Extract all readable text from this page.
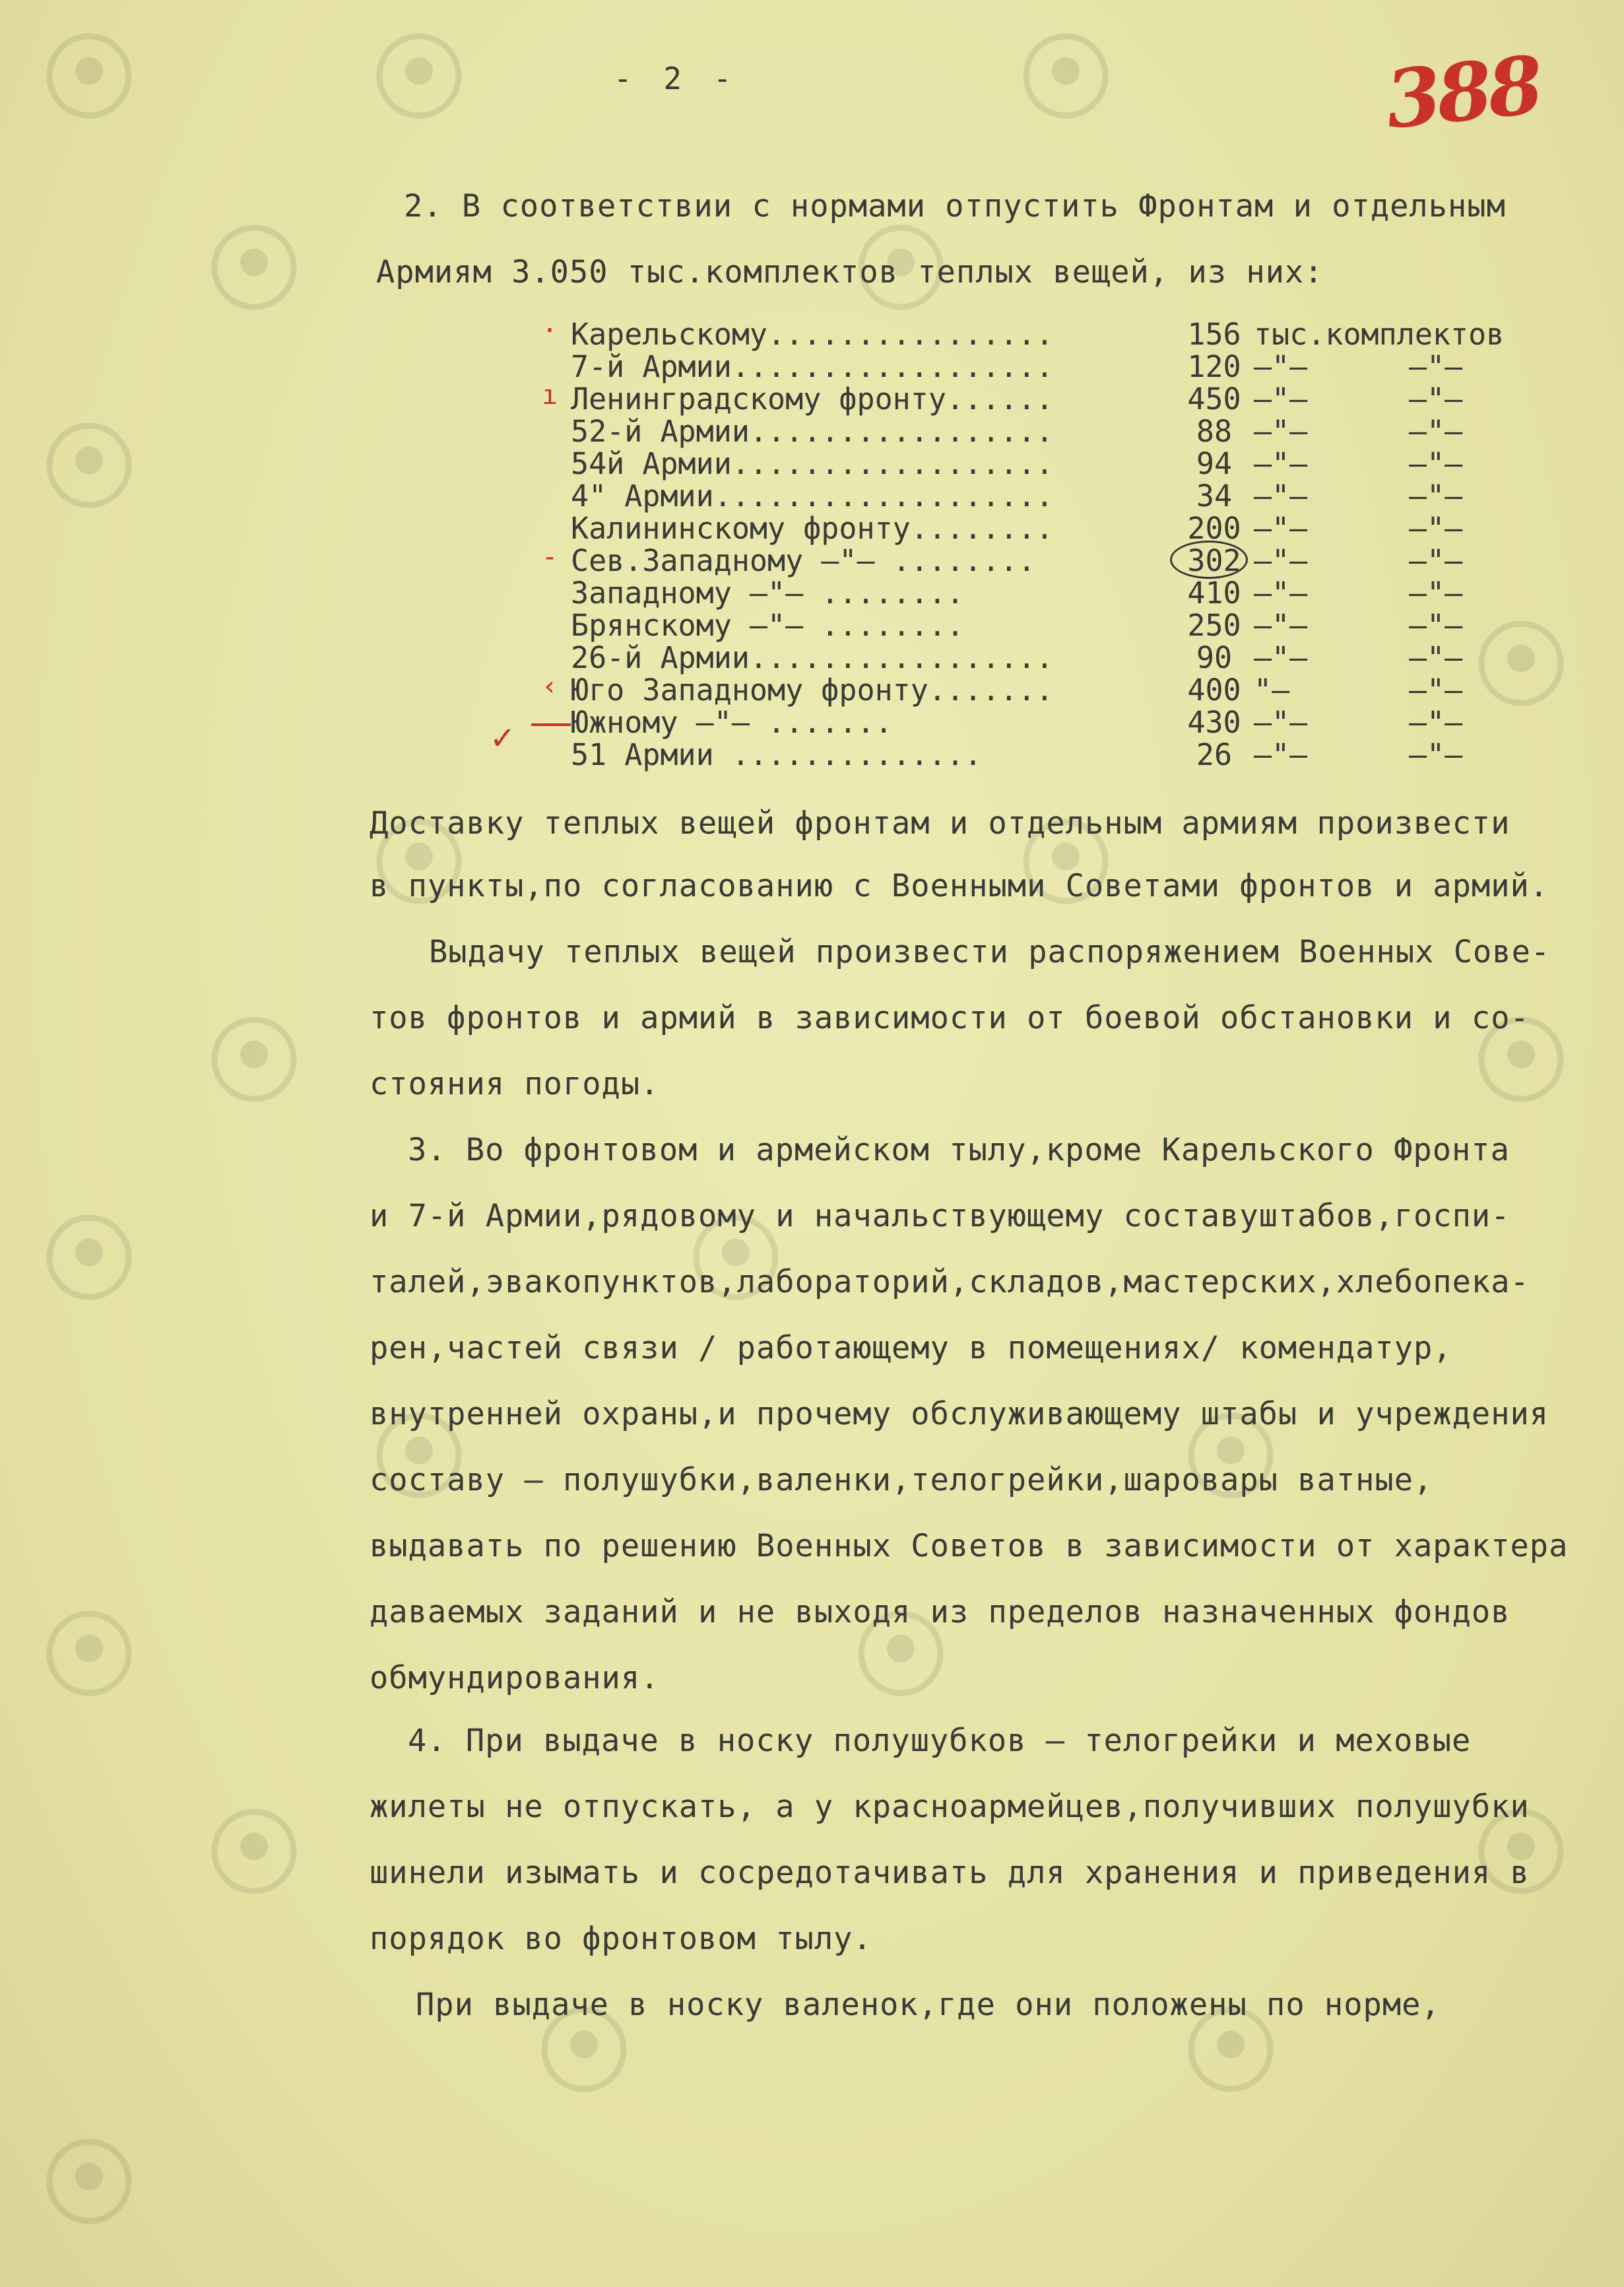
- 2 -	388
2. В соответствии с нормами отпустить Фронтам и отдельным
Армиям 3.050 тыс.комплектов теплых вещей, из них:
· Карельскому................	156 тыс.комплектов
7-й Армии..................	120 –"–	–"–
ı Ленинградскому фронту......	450 –"–	–"–
52-й Армии.................	88 –"–	–"–
54й Армии..................	94 –"–	–"–
4" Армии...................	34 –"–	–"–
Калининскому фронту........	200 –"–	–"–
- Сев.Западному –"– ........	302 –"–	–"–
Западному –"– ........	410 –"–	–"–
Брянскому –"– ........	250 –"–	–"–
26-й Армии.................	90 –"–	–"–
‹ Юго Западному фронту.......	400 "–	–"–
Южному –"– .......	430 –"–	–"–
51 Армии ..............	26 –"–	–"–
✓
Доставку теплых вещей фронтам и отдельным армиям произвести
в пункты,по согласованию с Военными Советами фронтов и армий.
Выдачу теплых вещей произвести распоряжением Военных Сове-
тов фронтов и армий в зависимости от боевой обстановки и со-
стояния погоды.
3. Во фронтовом и армейском тылу,кроме Карельского Фронта
и 7-й Армии,рядовому и начальствующему составуштабов,госпи-
талей,эвакопунктов,лабораторий,складов,мастерских,хлебопека-
рен,частей связи / работающему в помещениях/ комендатур,
внутренней охраны,и прочему обслуживающему штабы и учреждения
составу – полушубки,валенки,телогрейки,шаровары ватные,
выдавать по решению Военных Советов в зависимости от характера
даваемых заданий и не выходя из пределов назначенных фондов
обмундирования.
4. При выдаче в носку полушубков – телогрейки и меховые
жилеты не отпускать, а у красноармейцев,получивших полушубки
шинели изымать и сосредотачивать для хранения и приведения в
порядок во фронтовом тылу.
При выдаче в носку валенок,где они положены по норме,
